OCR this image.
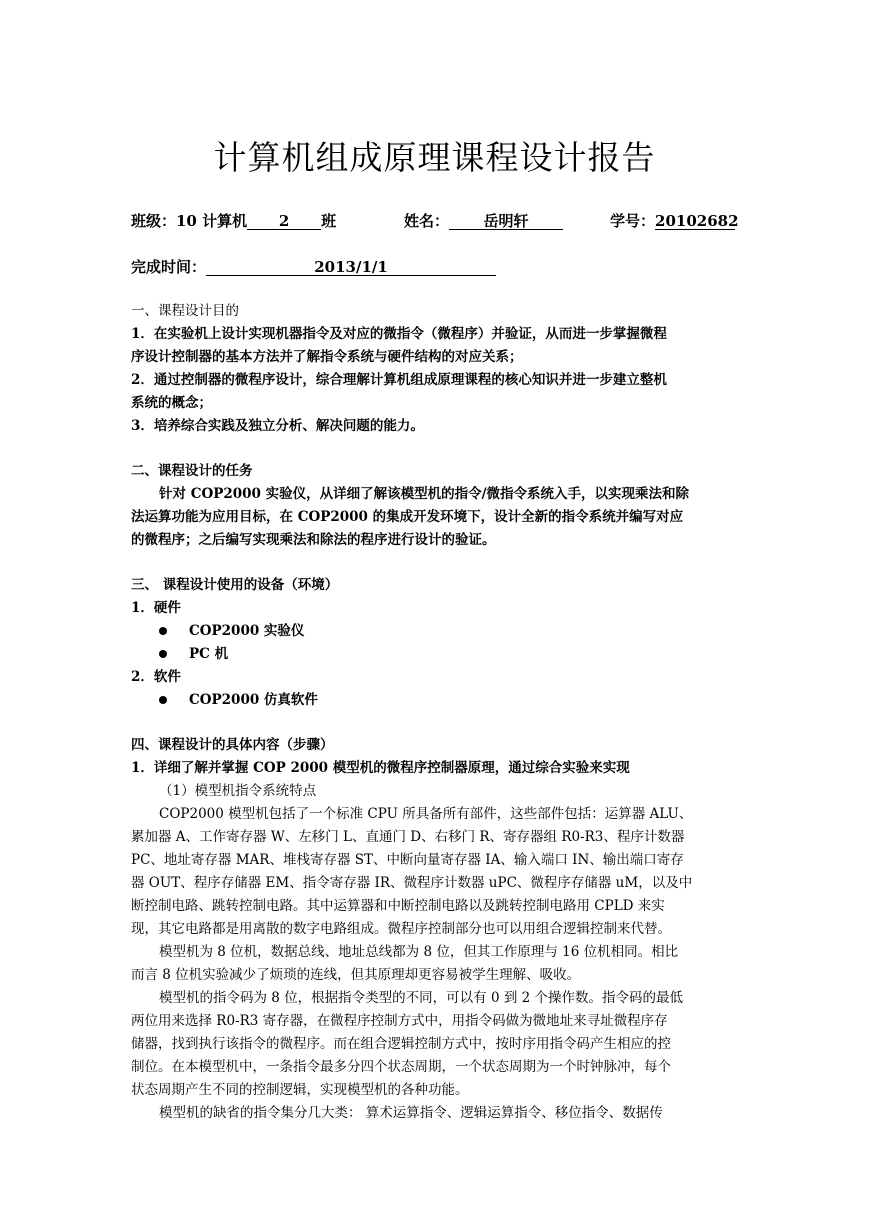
计算机组成原理课程设计报告
班级：10 计算机 2 班	姓名： 岳明轩	学号：20102682
完成时间：	2013/1/1
一、课程设计目的
1．在实验机上设计实现机器指令及对应的微指令（微程序）并验证，从而进一步掌握微程
序设计控制器的基本方法并了解指令系统与硬件结构的对应关系；
2．通过控制器的微程序设计，综合理解计算机组成原理课程的核心知识并进一步建立整机
系统的概念；
3．培养综合实践及独立分析、解决问题的能力。
二、课程设计的任务
针对 COP2000 实验仪，从详细了解该模型机的指令/微指令系统入手，以实现乘法和除
法运算功能为应用目标，在 COP2000 的集成开发环境下，设计全新的指令系统并编写对应
的微程序；之后编写实现乘法和除法的程序进行设计的验证。
三、 课程设计使用的设备（环境）
1．硬件
COP2000 实验仪
PC 机
2．软件
COP2000 仿真软件
四、课程设计的具体内容（步骤）
1．详细了解并掌握 COP 2000 模型机的微程序控制器原理，通过综合实验来实现
（1）模型机指令系统特点
COP2000 模型机包括了一个标准 CPU 所具备所有部件，这些部件包括：运算器 ALU、
累加器 A、工作寄存器 W、左移门 L、直通门 D、右移门 R、寄存器组 R0-R3、程序计数器
PC、地址寄存器 MAR、堆栈寄存器 ST、中断向量寄存器 IA、输入端口 IN、输出端口寄存
器 OUT、程序存储器 EM、指令寄存器 IR、微程序计数器 uPC、微程序存储器 uM，以及中
断控制电路、跳转控制电路。其中运算器和中断控制电路以及跳转控制电路用 CPLD 来实
现，其它电路都是用离散的数字电路组成。微程序控制部分也可以用组合逻辑控制来代替。
模型机为 8 位机，数据总线、地址总线都为 8 位，但其工作原理与 16 位机相同。相比
而言 8 位机实验减少了烦琐的连线，但其原理却更容易被学生理解、吸收。
模型机的指令码为 8 位，根据指令类型的不同，可以有 0 到 2 个操作数。指令码的最低
两位用来选择 R0-R3 寄存器，在微程序控制方式中，用指令码做为微地址来寻址微程序存
储器，找到执行该指令的微程序。而在组合逻辑控制方式中，按时序用指令码产生相应的控
制位。在本模型机中，一条指令最多分四个状态周期，一个状态周期为一个时钟脉冲，每个
状态周期产生不同的控制逻辑，实现模型机的各种功能。
模型机的缺省的指令集分几大类： 算术运算指令、逻辑运算指令、移位指令、数据传
